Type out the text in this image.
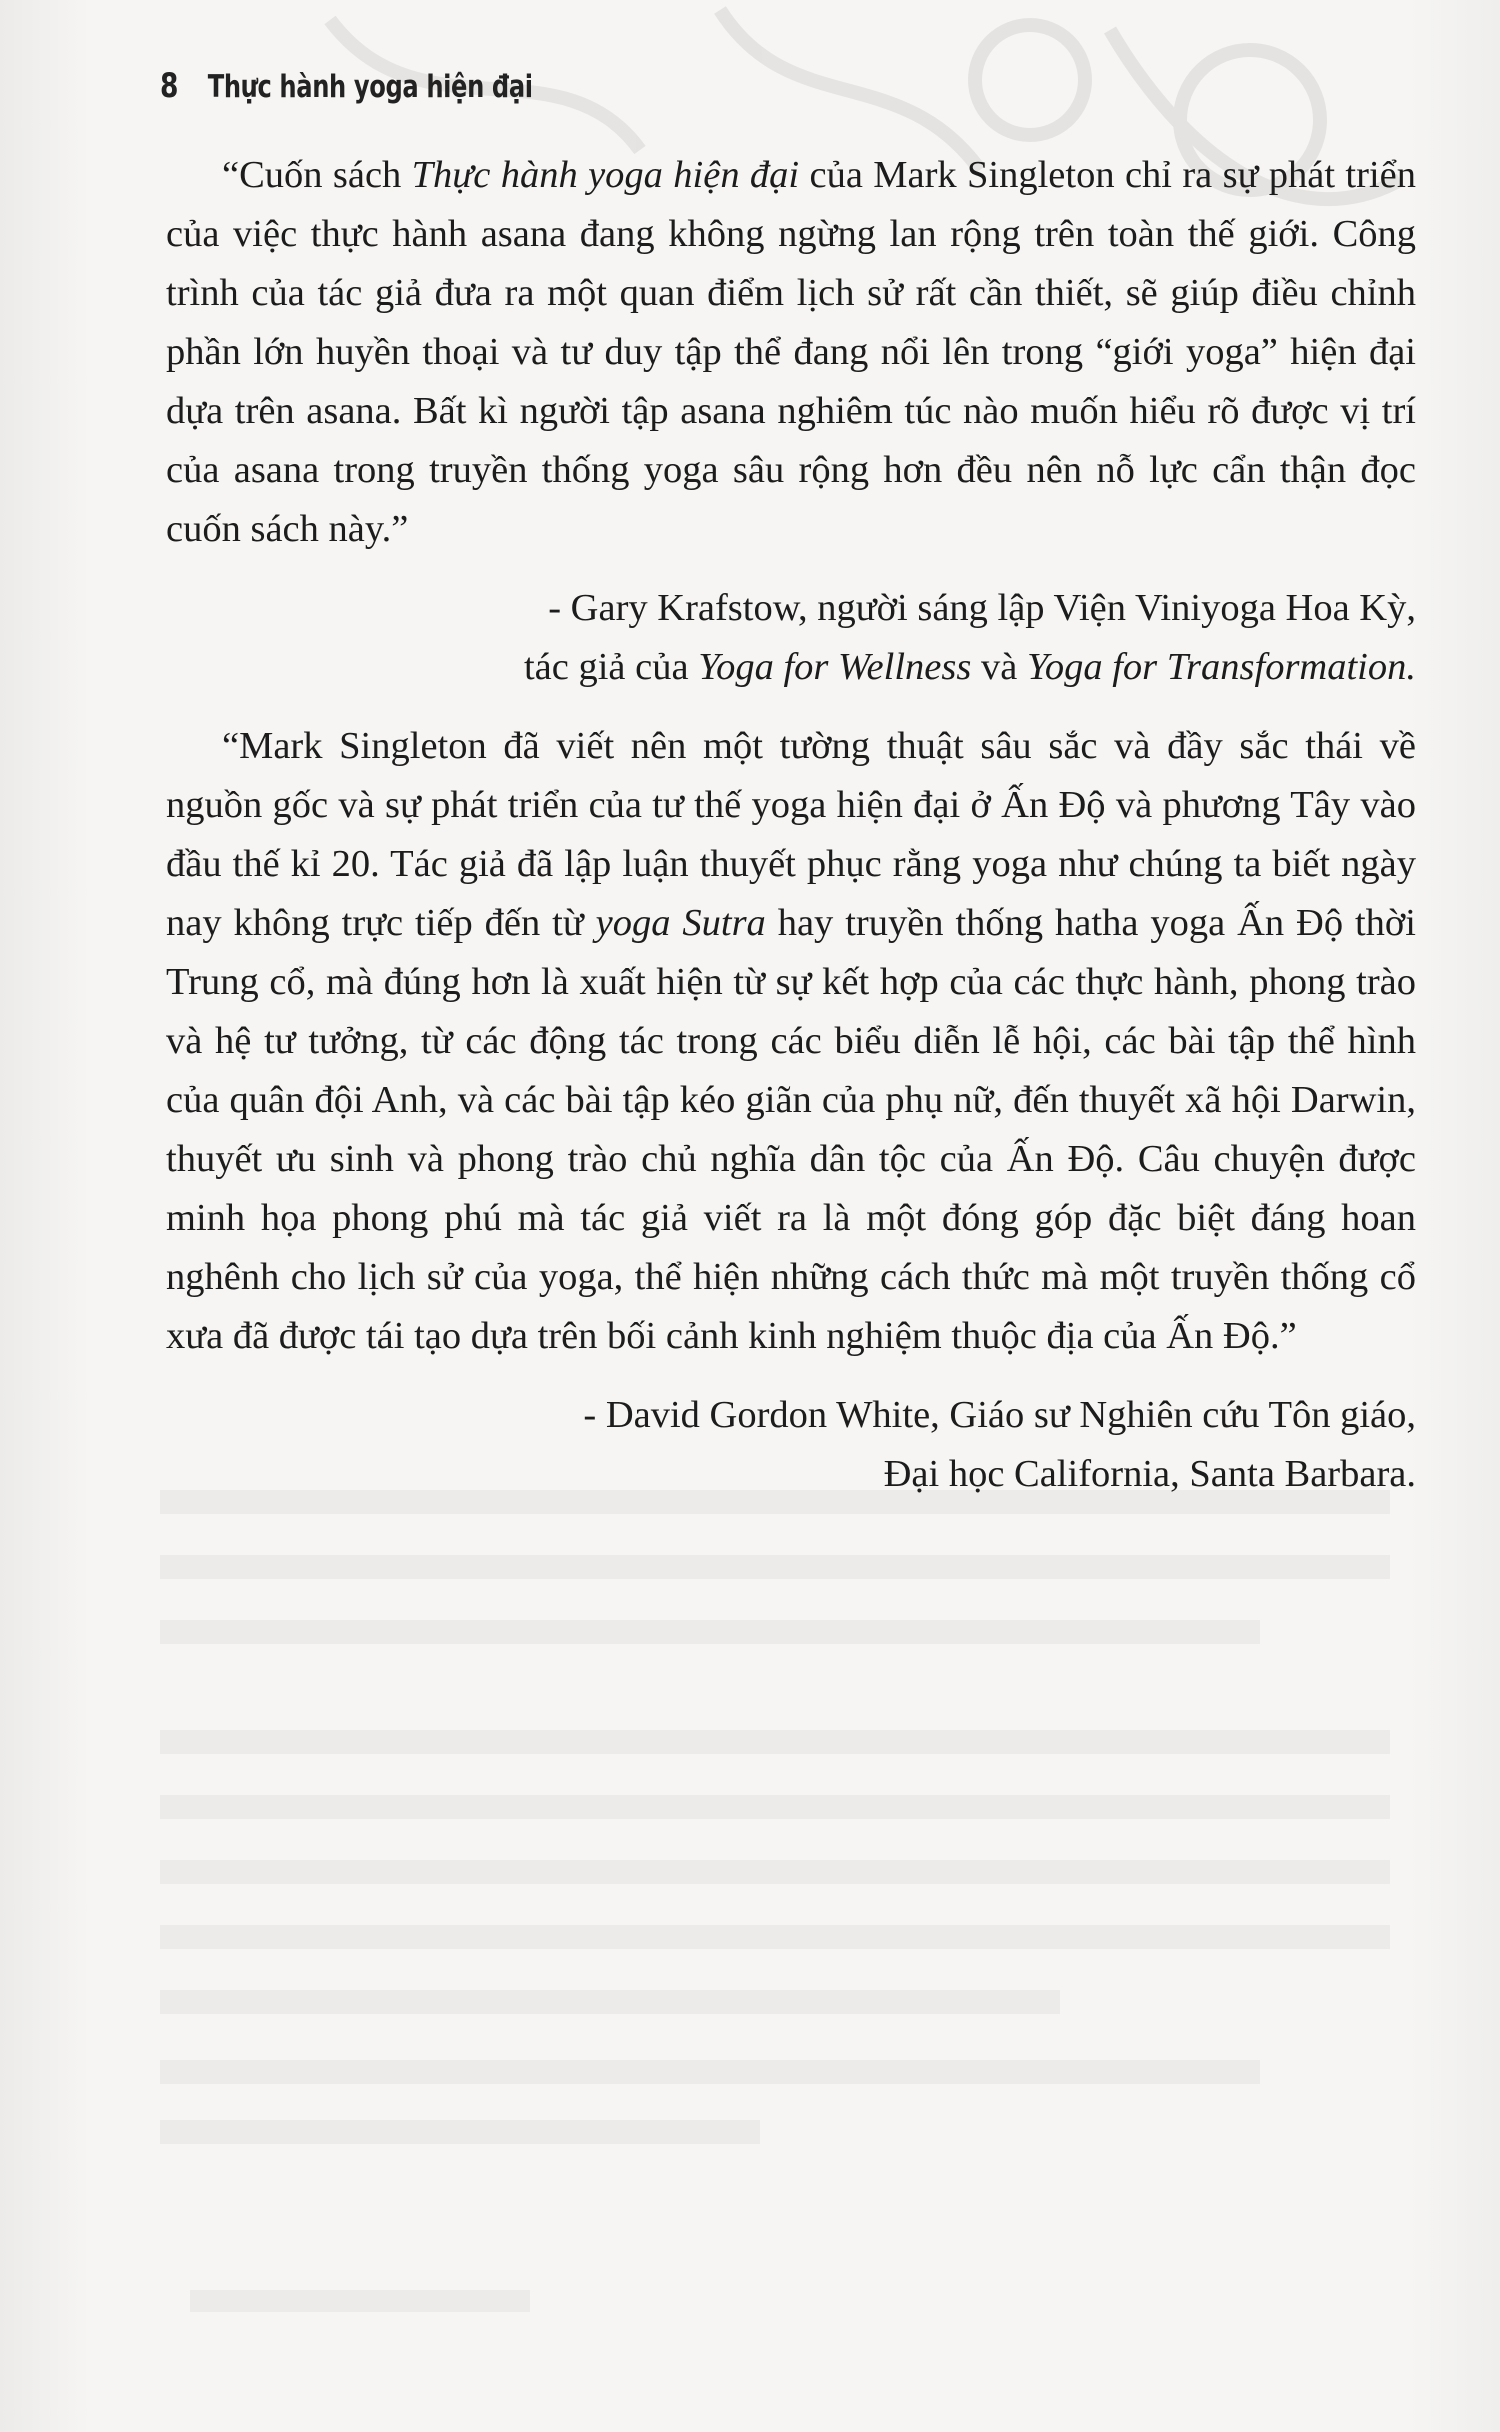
8 Thực hành yoga hiện đại

“Cuốn sách Thực hành yoga hiện đại của Mark Singleton chỉ ra sự phát triển của việc thực hành asana đang không ngừng lan rộng trên toàn thế giới. Công trình của tác giả đưa ra một quan điểm lịch sử rất cần thiết, sẽ giúp điều chỉnh phần lớn huyền thoại và tư duy tập thể đang nổi lên trong “giới yoga” hiện đại dựa trên asana. Bất kì người tập asana nghiêm túc nào muốn hiểu rõ được vị trí của asana trong truyền thống yoga sâu rộng hơn đều nên nỗ lực cẩn thận đọc cuốn sách này.”

- Gary Krafstow, người sáng lập Viện Viniyoga Hoa Kỳ,
tác giả của Yoga for Wellness và Yoga for Transformation.

“Mark Singleton đã viết nên một tường thuật sâu sắc và đầy sắc thái về nguồn gốc và sự phát triển của tư thế yoga hiện đại ở Ấn Độ và phương Tây vào đầu thế kỉ 20. Tác giả đã lập luận thuyết phục rằng yoga như chúng ta biết ngày nay không trực tiếp đến từ yoga Sutra hay truyền thống hatha yoga Ấn Độ thời Trung cổ, mà đúng hơn là xuất hiện từ sự kết hợp của các thực hành, phong trào và hệ tư tưởng, từ các động tác trong các biểu diễn lễ hội, các bài tập thể hình của quân đội Anh, và các bài tập kéo giãn của phụ nữ, đến thuyết xã hội Darwin, thuyết ưu sinh và phong trào chủ nghĩa dân tộc của Ấn Độ. Câu chuyện được minh họa phong phú mà tác giả viết ra là một đóng góp đặc biệt đáng hoan nghênh cho lịch sử của yoga, thể hiện những cách thức mà một truyền thống cổ xưa đã được tái tạo dựa trên bối cảnh kinh nghiệm thuộc địa của Ấn Độ.”

- David Gordon White, Giáo sư Nghiên cứu Tôn giáo,
Đại học California, Santa Barbara.
